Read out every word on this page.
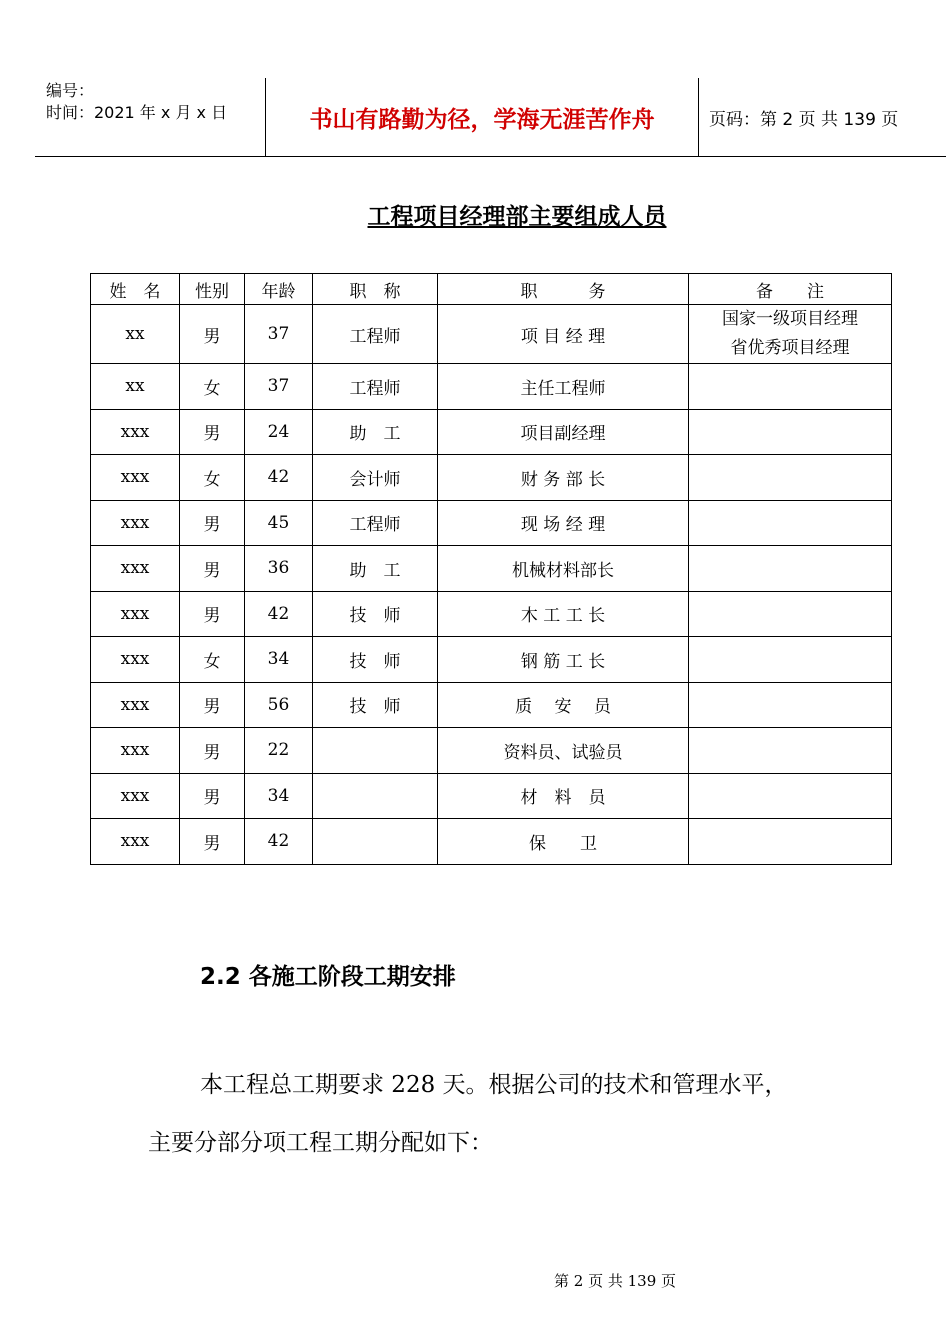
编号：
时间：2021 年 x 月 x 日	书山有路勤为径，学海无涯苦作舟	页码：第 2 页 共 139 页
工程项目经理部主要组成人员
姓　名	性别	年龄	职　称	职　　　务	备　　注
xx	男	37	工程师	项 目 经 理	国家一级项目经理
省优秀项目经理

xx	女	37	工程师	主任工程师	

xxx	男	24	助　工	项目副经理	

xxx	女	42	会计师	财 务 部 长	

xxx	男	45	工程师	现 场 经 理	

xxx	男	36	助　工	机械材料部长	

xxx	男	42	技　师	木 工 工 长	

xxx	女	34	技　师	钢 筋 工 长	

xxx	男	56	技　师	质　 安　 员	

xxx	男	22		资料员、试验员	

xxx	男	34		材　料　员	

xxx	男	42		保　　卫	
2.2 各施工阶段工期安排
本工程总工期要求 228 天。根据公司的技术和管理水平，
主要分部分项工程工期分配如下：
第 2 页 共 139 页
